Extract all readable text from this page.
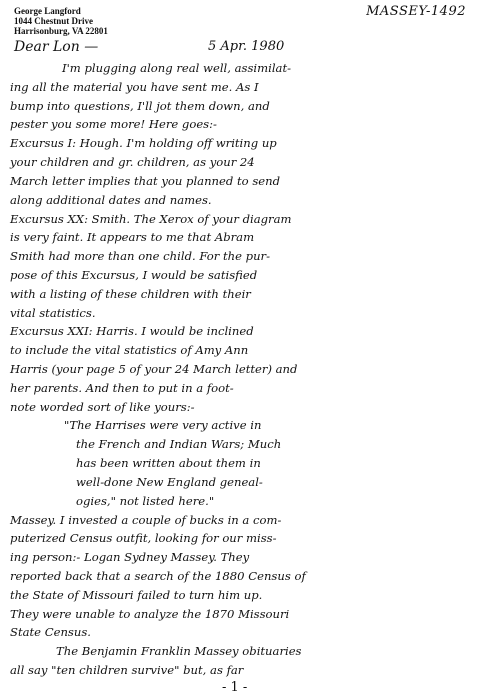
George Langford
1044 Chestnut Drive
Harrisonburg, VA 22801
MASSEY-1492
Dear Lon —	5 Apr. 1980
I'm plugging along real well, assimilat-
ing all the material you have sent me. As I
bump into questions, I'll jot them down, and
pester you some more! Here goes:-
Excursus I: Hough. I'm holding off writing up
your children and gr. children, as your 24
March letter implies that you planned to send
along additional dates and names.
Excursus XX: Smith. The Xerox of your diagram
is very faint. It appears to me that Abram
Smith had more than one child. For the pur-
pose of this Excursus, I would be satisfied
with a listing of these children with their
vital statistics.
Excursus XXI: Harris. I would be inclined
to include the vital statistics of Amy Ann
Harris (your page 5 of your 24 March letter) and
her parents. And then to put in a foot-
note worded sort of like yours:-
"The Harrises were very active in
the French and Indian Wars; Much
has been written about them in
well-done New England geneal-
ogies," not listed here."
Massey. I invested a couple of bucks in a com-
puterized Census outfit, looking for our miss-
ing person:- Logan Sydney Massey. They
reported back that a search of the 1880 Census of
the State of Missouri failed to turn him up.
They were unable to analyze the 1870 Missouri
State Census.
The Benjamin Franklin Massey obituaries
all say "ten children survive" but, as far
- 1 -
